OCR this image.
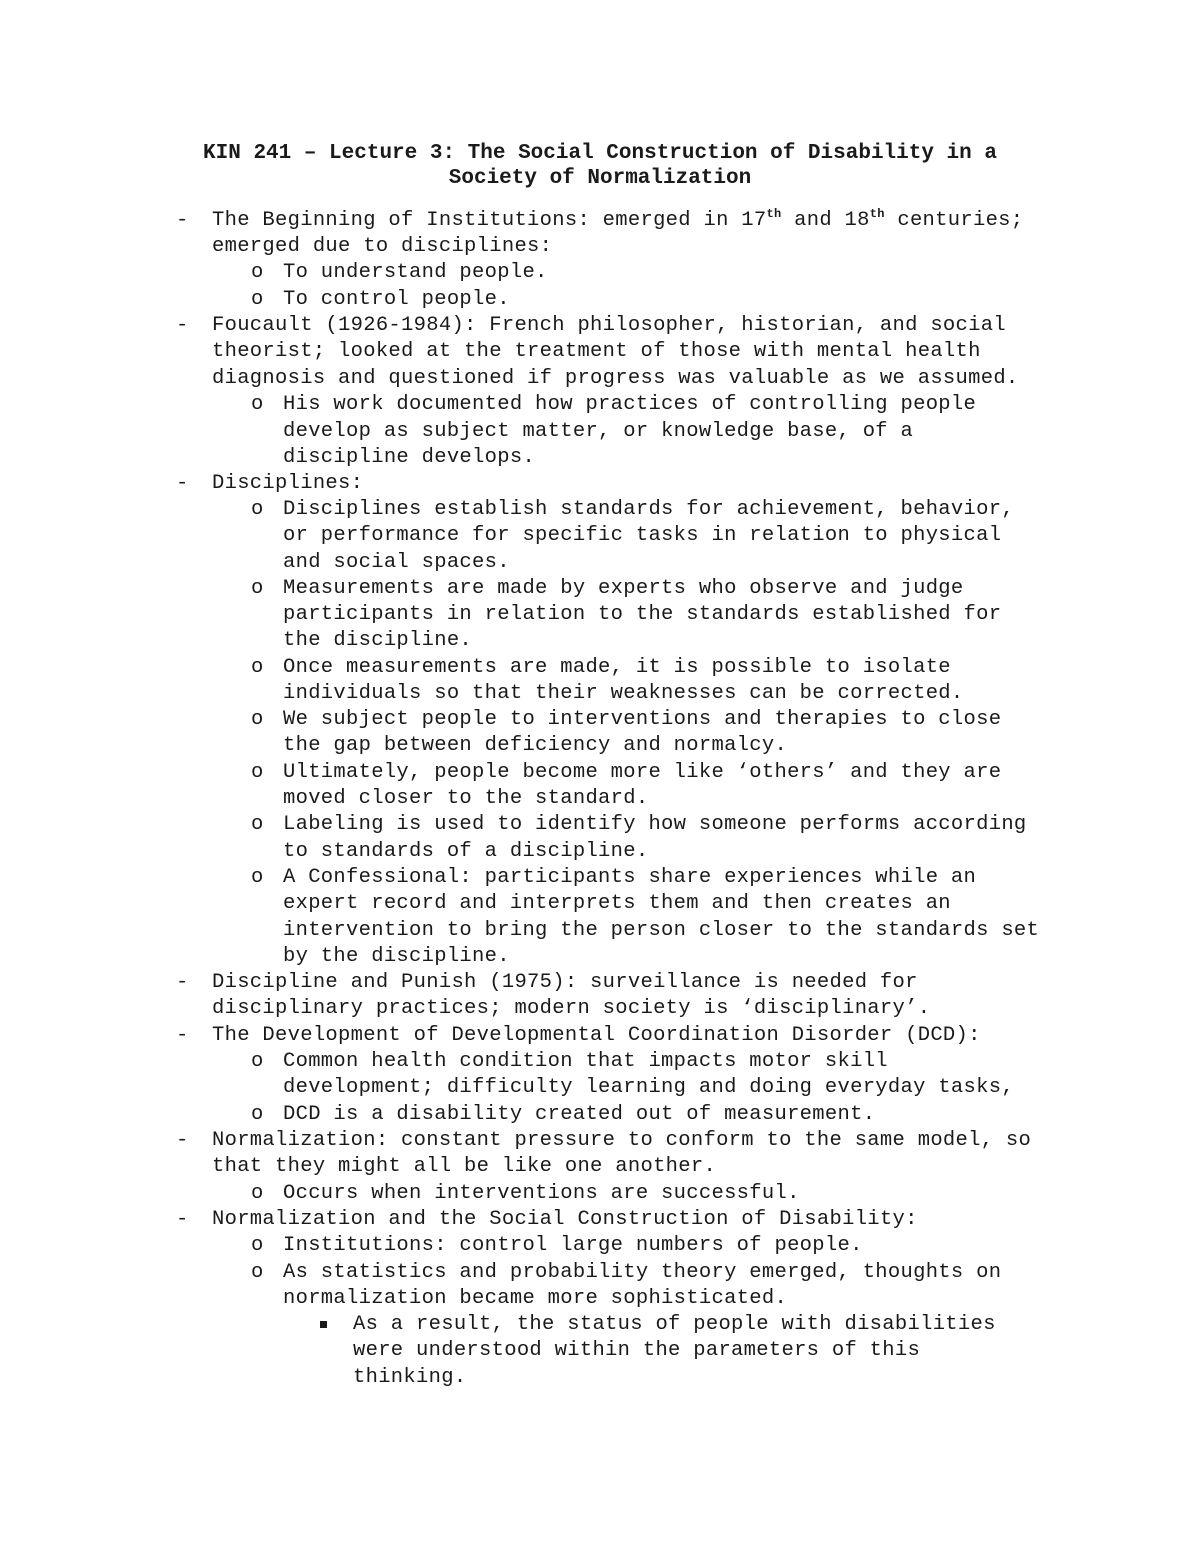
KIN 241 – Lecture 3: The Social Construction of Disability in a
Society of Normalization
- The Beginning of Institutions: emerged in 17th and 18th centuries;
emerged due to disciplines:
o To understand people.
o To control people.
- Foucault (1926-1984): French philosopher, historian, and social
theorist; looked at the treatment of those with mental health
diagnosis and questioned if progress was valuable as we assumed.
o His work documented how practices of controlling people
develop as subject matter, or knowledge base, of a
discipline develops.
- Disciplines:
o Disciplines establish standards for achievement, behavior,
or performance for specific tasks in relation to physical
and social spaces.
o Measurements are made by experts who observe and judge
participants in relation to the standards established for
the discipline.
o Once measurements are made, it is possible to isolate
individuals so that their weaknesses can be corrected.
o We subject people to interventions and therapies to close
the gap between deficiency and normalcy.
o Ultimately, people become more like ‘others’ and they are
moved closer to the standard.
o Labeling is used to identify how someone performs according
to standards of a discipline.
o A Confessional: participants share experiences while an
expert record and interprets them and then creates an
intervention to bring the person closer to the standards set
by the discipline.
- Discipline and Punish (1975): surveillance is needed for
disciplinary practices; modern society is ‘disciplinary’.
- The Development of Developmental Coordination Disorder (DCD):
o Common health condition that impacts motor skill
development; difficulty learning and doing everyday tasks,
o DCD is a disability created out of measurement.
- Normalization: constant pressure to conform to the same model, so
that they might all be like one another.
o Occurs when interventions are successful.
- Normalization and the Social Construction of Disability:
o Institutions: control large numbers of people.
o As statistics and probability theory emerged, thoughts on
normalization became more sophisticated.
As a result, the status of people with disabilities
were understood within the parameters of this
thinking.
